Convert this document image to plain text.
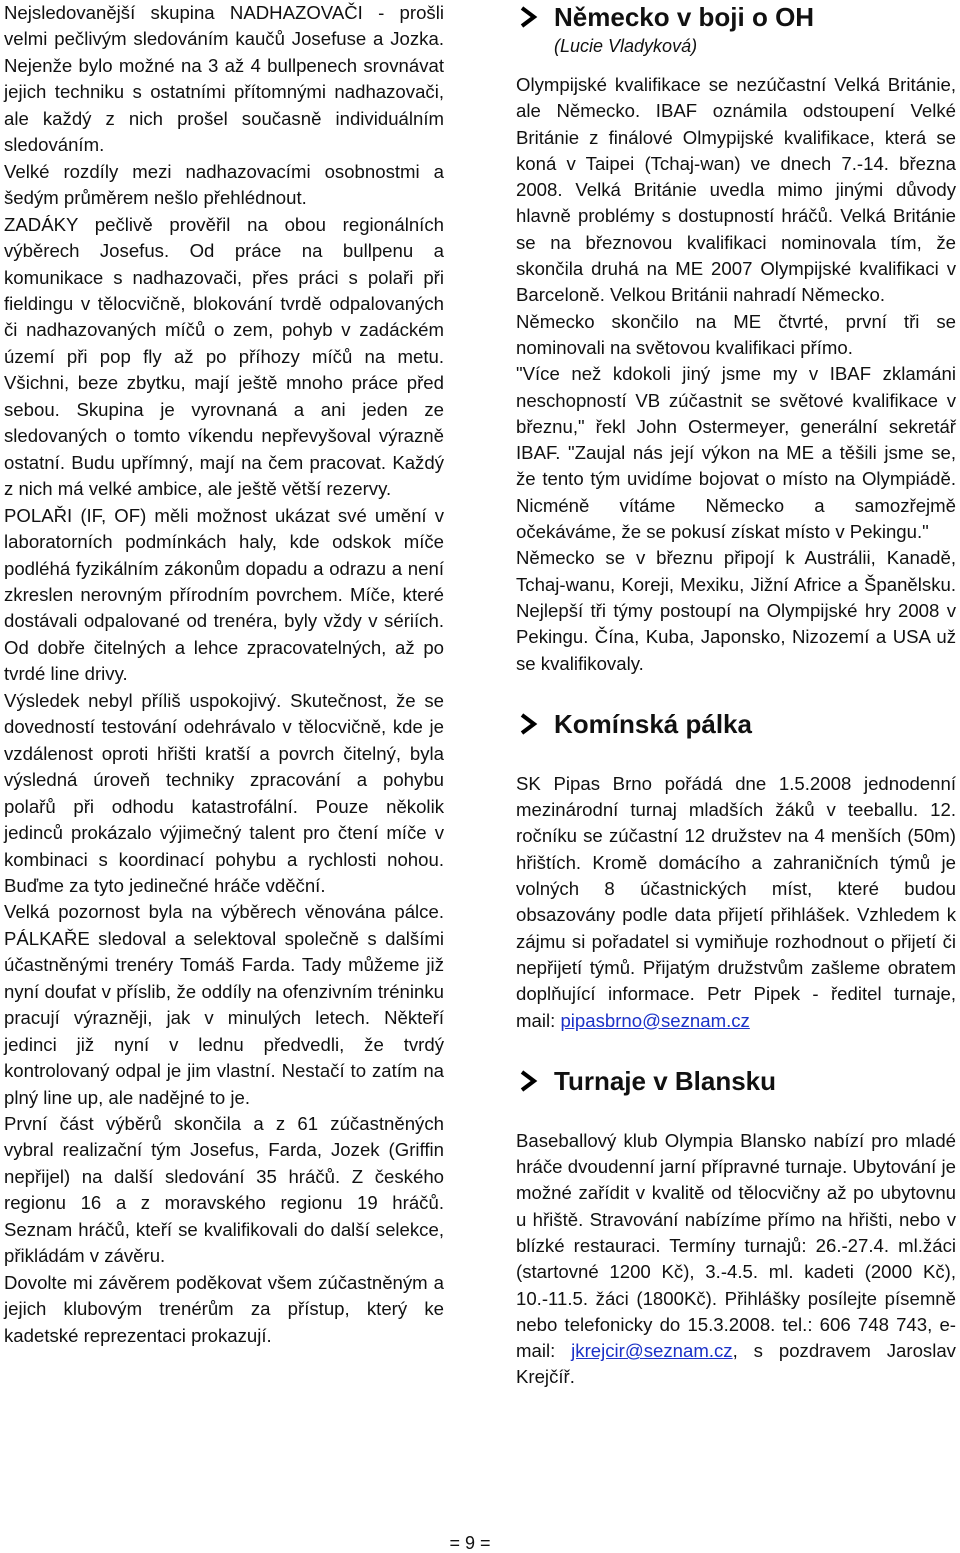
Nejsledovanější skupina NADHAZOVAČI - prošli velmi pečlivým sledováním kaučů Josefuse a Jozka. Nejenže bylo možné na 3 až 4 bullpenech srovnávat jejich techniku s ostatními přítomnými nadhazovači, ale každý z nich prošel současně individuálním sledováním.

Velké rozdíly mezi nadhazovacími osobnostmi a šedým průměrem nešlo přehlédnout.

ZADÁKY pečlivě prověřil na obou regionálních výběrech Josefus. Od práce na bullpenu a komunikace s nadhazovači, přes práci s polaři při fieldingu v tělocvičně, blokování tvrdě odpalovaných či nadhazovaných míčů o zem, pohyb v zadáckém území při pop fly až po příhozy míčů na metu. Všichni, beze zbytku, mají ještě mnoho práce před sebou. Skupina je vyrovnaná a ani jeden ze sledovaných o tomto víkendu nepřevyšoval výrazně ostatní. Budu upřímný, mají na čem pracovat. Každý z nich má velké ambice, ale ještě větší rezervy.

POLAŘI (IF, OF) měli možnost ukázat své umění v laboratorních podmínkách haly, kde odskok míče podléhá fyzikálním zákonům dopadu a odrazu a není zkreslen nerovným přírodním povrchem. Míče, které dostávali odpalované od trenéra, byly vždy v sériích. Od dobře čitelných a lehce zpracovatelných, až po tvrdé line drivy.

Výsledek nebyl příliš uspokojivý. Skutečnost, že se dovedností testování odehrávalo v tělocvičně, kde je vzdálenost oproti hřišti kratší a povrch čitelný, byla výsledná úroveň techniky zpracování a pohybu polařů při odhodu katastrofální. Pouze několik jedinců prokázalo výjimečný talent pro čtení míče v kombinaci s koordinací pohybu a rychlosti nohou. Buďme za tyto jedinečné hráče vděční.

Velká pozornost byla na výběrech věnována pálce. PÁLKAŘE sledoval a selektoval společně s dalšími účastněnými trenéry Tomáš Farda. Tady můžeme již nyní doufat v příslib, že oddíly na ofenzivním tréninku pracují výrazněji, jak v minulých letech. Někteří jedinci již nyní v lednu předvedli, že tvrdý kontrolovaný odpal je jim vlastní. Nestačí to zatím na plný line up, ale nadějné to je.

První část výběrů skončila a z 61 zúčastněných vybral realizační tým Josefus, Farda, Jozek (Griffin nepřijel) na další sledování 35 hráčů. Z českého regionu 16 a z moravského regionu 19 hráčů. Seznam hráčů, kteří se kvalifikovali do další selekce, přikládám v závěru.

Dovolte mi závěrem poděkovat všem zúčastněným a jejich klubovým trenérům za přístup, který ke kadetské reprezentaci prokazují.

Německo v boji o OH

(Lucie Vladyková)

Olympijské kvalifikace se nezúčastní Velká Británie, ale Německo. IBAF oznámila odstoupení Velké Británie z finálové Olmypijské kvalifikace, která se koná v Taipei (Tchaj-wan) ve dnech 7.-14. března 2008. Velká Británie uvedla mimo jinými důvody hlavně problémy s dostupností hráčů. Velká Británie se na březnovou kvalifikaci nominovala tím, že skončila druhá na ME 2007 Olympijské kvalifikaci v Barceloně. Velkou Británii nahradí Německo.

Německo skončilo na ME čtvrté, první tři se nominovali na světovou kvalifikaci přímo.

"Více než kdokoli jiný jsme my v IBAF zklamáni neschopností VB zúčastnit se světové kvalifikace v březnu," řekl John Ostermeyer, generální sekretář IBAF. "Zaujal nás její výkon na ME a těšili jsme se, že tento tým uvidíme bojovat o místo na Olympiádě. Nicméně vítáme Německo a samozřejmě očekáváme, že se pokusí získat místo v Pekingu."

Německo se v březnu připojí k Austrálii, Kanadě, Tchaj-wanu, Koreji, Mexiku, Jižní Africe a Španělsku. Nejlepší tři týmy postoupí na Olympijské hry 2008 v Pekingu. Čína, Kuba, Japonsko, Nizozemí a USA už se kvalifikovaly.

Komínská pálka

SK Pipas Brno pořádá dne 1.5.2008 jednodenní mezinárodní turnaj mladších žáků v teeballu. 12. ročníku se zúčastní 12 družstev na 4 menších (50m) hřištích. Kromě domácího a zahraničních týmů je volných 8 účastnických míst, které budou obsazovány podle data přijetí přihlášek. Vzhledem k zájmu si pořadatel si vymiňuje rozhodnout o přijetí či nepřijetí týmů. Přijatým družstvům zašleme obratem doplňující informace. Petr Pipek - ředitel turnaje, mail: pipasbrno@seznam.cz

Turnaje v Blansku

Baseballový klub Olympia Blansko nabízí pro mladé hráče dvoudenní jarní přípravné turnaje. Ubytování je možné zařídit v kvalitě od tělocvičny až po ubytovnu u hřiště. Stravování nabízíme přímo na hřišti, nebo v blízké restauraci. Termíny turnajů: 26.-27.4. ml.žáci (startovné 1200 Kč), 3.-4.5. ml. kadeti (2000 Kč), 10.-11.5. žáci (1800Kč). Přihlášky posílejte písemně nebo telefonicky do 15.3.2008. tel.: 606 748 743, e-mail: jkrejcir@seznam.cz, s pozdravem Jaroslav Krejčíř.

= 9 =
